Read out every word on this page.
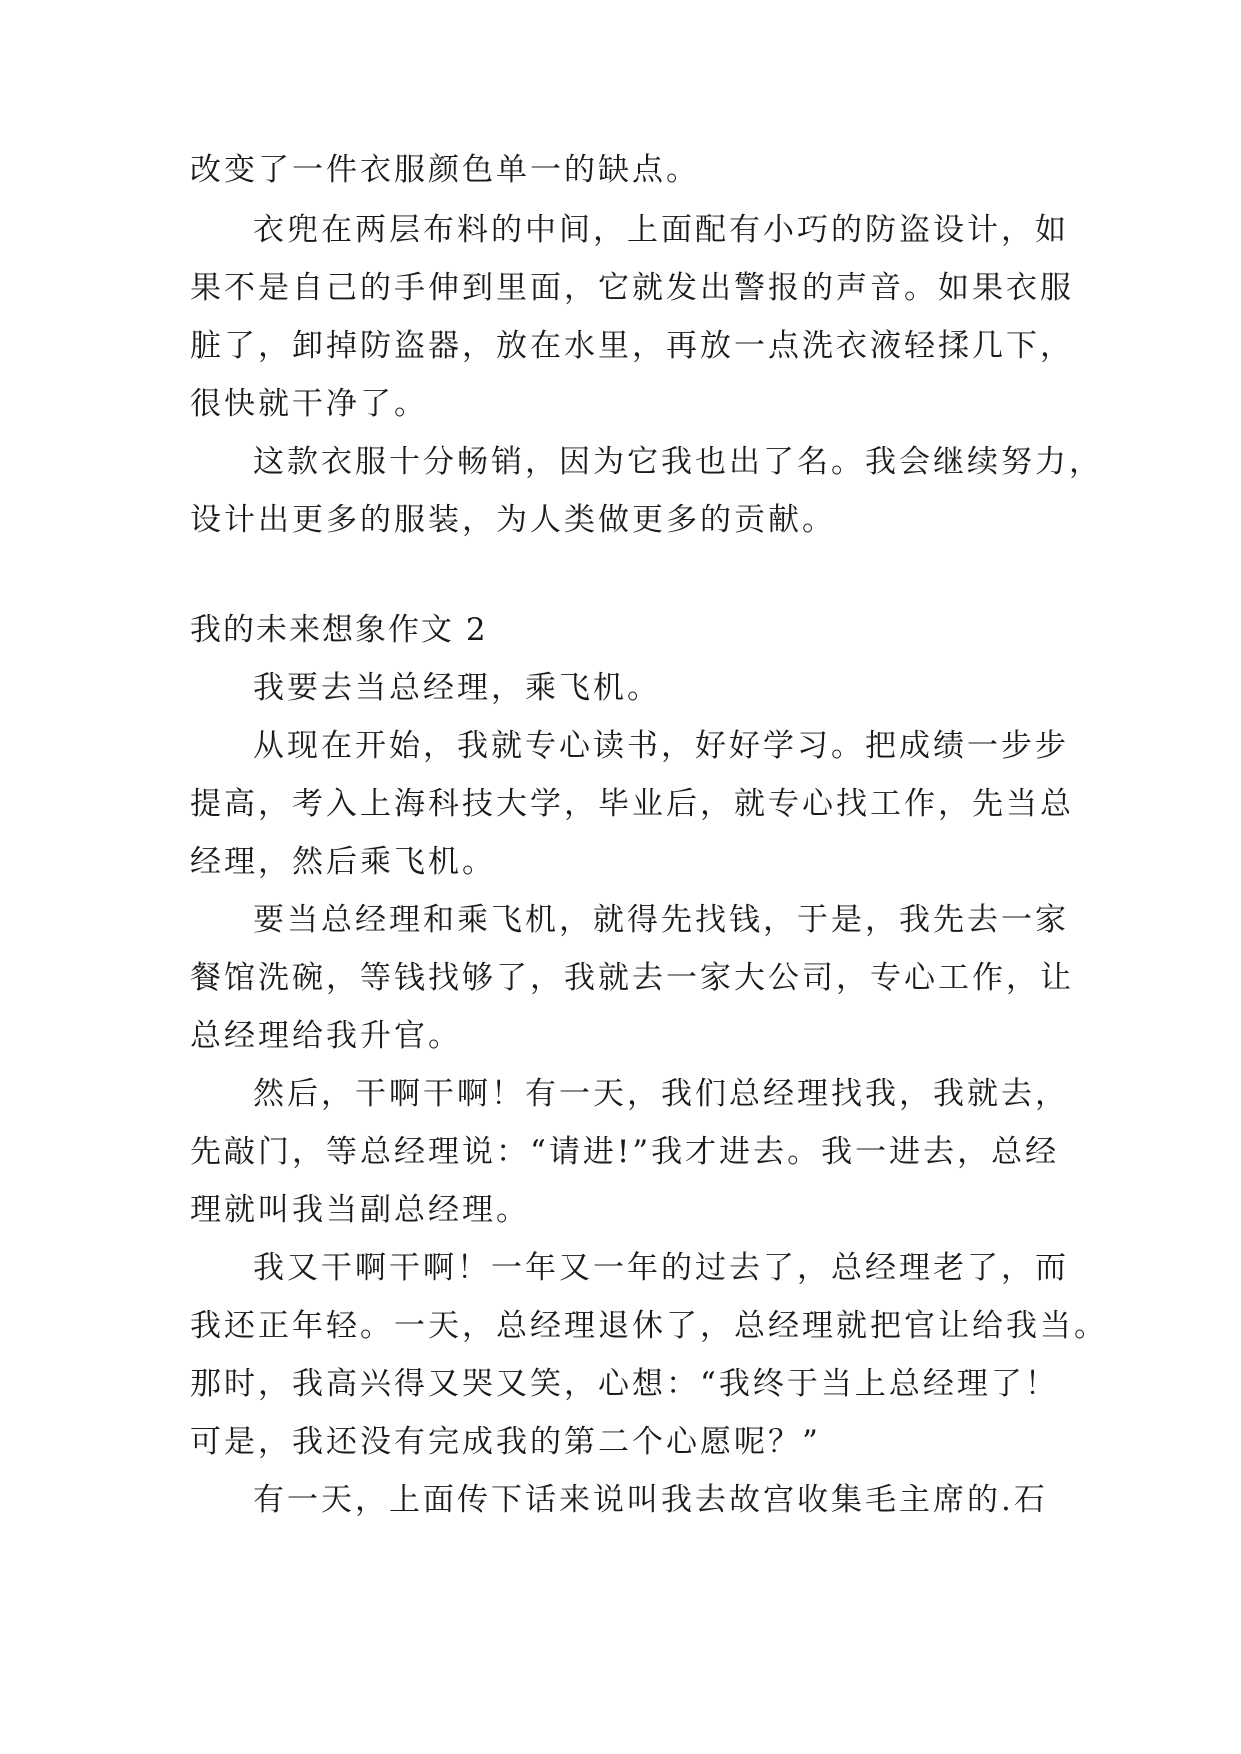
改变了一件衣服颜色单一的缺点。
衣兜在两层布料的中间，上面配有小巧的防盗设计，如
果不是自己的手伸到里面，它就发出警报的声音。如果衣服
脏了，卸掉防盗器，放在水里，再放一点洗衣液轻揉几下，
很快就干净了。
这款衣服十分畅销，因为它我也出了名。我会继续努力，
设计出更多的服装，为人类做更多的贡献。
我的未来想象作文 2
我要去当总经理，乘飞机。
从现在开始，我就专心读书，好好学习。把成绩一步步
提高，考入上海科技大学，毕业后，就专心找工作，先当总
经理，然后乘飞机。
要当总经理和乘飞机，就得先找钱，于是，我先去一家
餐馆洗碗，等钱找够了，我就去一家大公司，专心工作，让
总经理给我升官。
然后，干啊干啊！有一天，我们总经理找我，我就去，
先敲门，等总经理说：“请进!”我才进去。我一进去，总经
理就叫我当副总经理。
我又干啊干啊！一年又一年的过去了，总经理老了，而
我还正年轻。一天，总经理退休了，总经理就把官让给我当。
那时，我高兴得又哭又笑，心想：“我终于当上总经理了！
可是，我还没有完成我的第二个心愿呢？”
有一天，上面传下话来说叫我去故宫收集毛主席的.石
